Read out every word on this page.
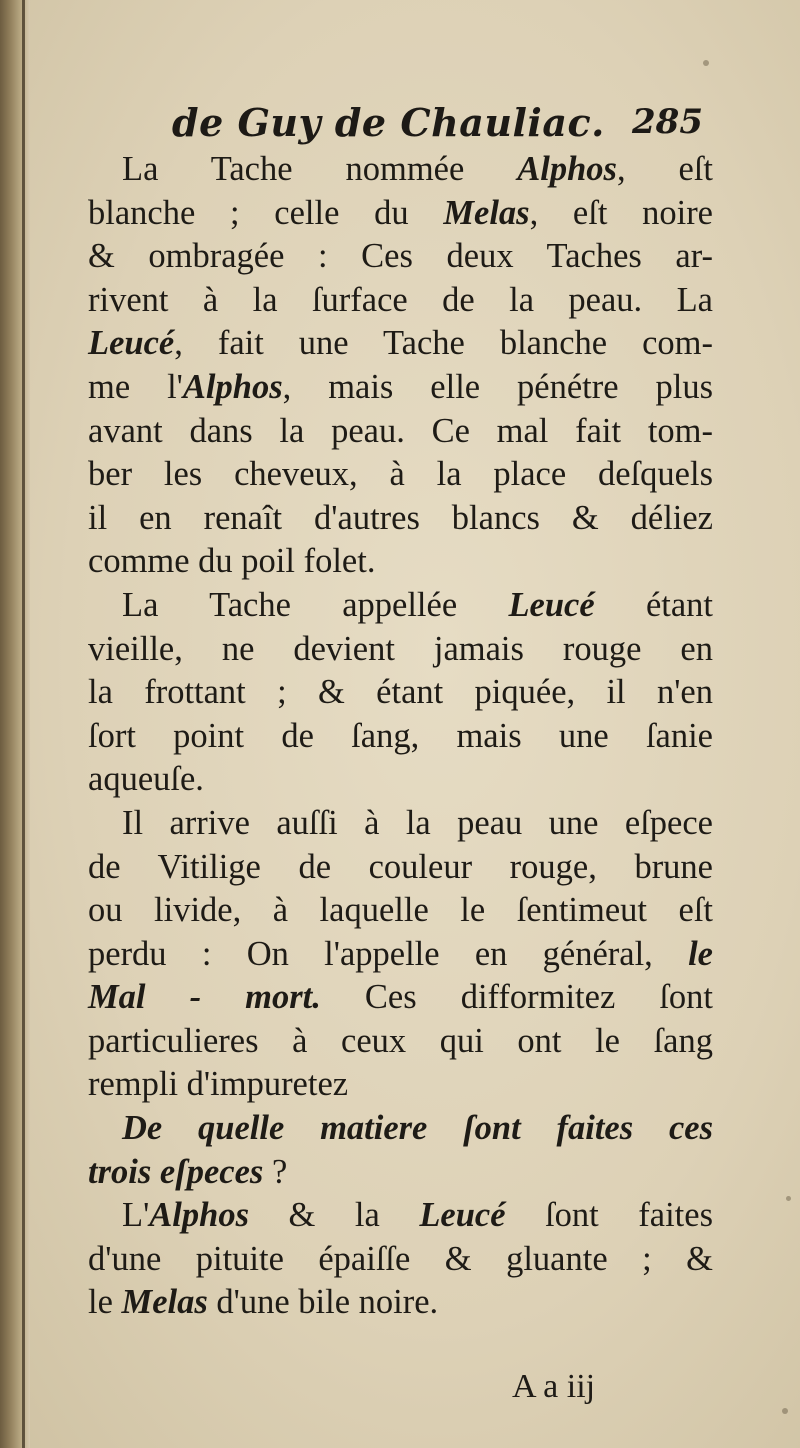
de Guy de Chauliac. 285
La Tache nommée Alphos, eſt
blanche ; celle du Melas, eſt noire
& ombragée : Ces deux Taches ar-
rivent à la ſurface de la peau. La
Leucé, fait une Tache blanche com-
me l'Alphos, mais elle pénétre plus
avant dans la peau. Ce mal fait tom-
ber les cheveux, à la place deſquels
il en renaît d'autres blancs & déliez
comme du poil folet.
La Tache appellée Leucé étant
vieille, ne devient jamais rouge en
la frottant ; & étant piquée, il n'en
ſort point de ſang, mais une ſanie
aqueuſe.
Il arrive auſſi à la peau une eſpece
de Vitilige de couleur rouge, brune
ou livide, à laquelle le ſentimeut eſt
perdu : On l'appelle en général, le
Mal - mort. Ces difformitez ſont
particulieres à ceux qui ont le ſang
rempli d'impuretez
De quelle matiere ſont faites ces
trois eſpeces ?
L'Alphos & la Leucé ſont faites
d'une pituite épaiſſe & gluante ; &
le Melas d'une bile noire.
A a iij
